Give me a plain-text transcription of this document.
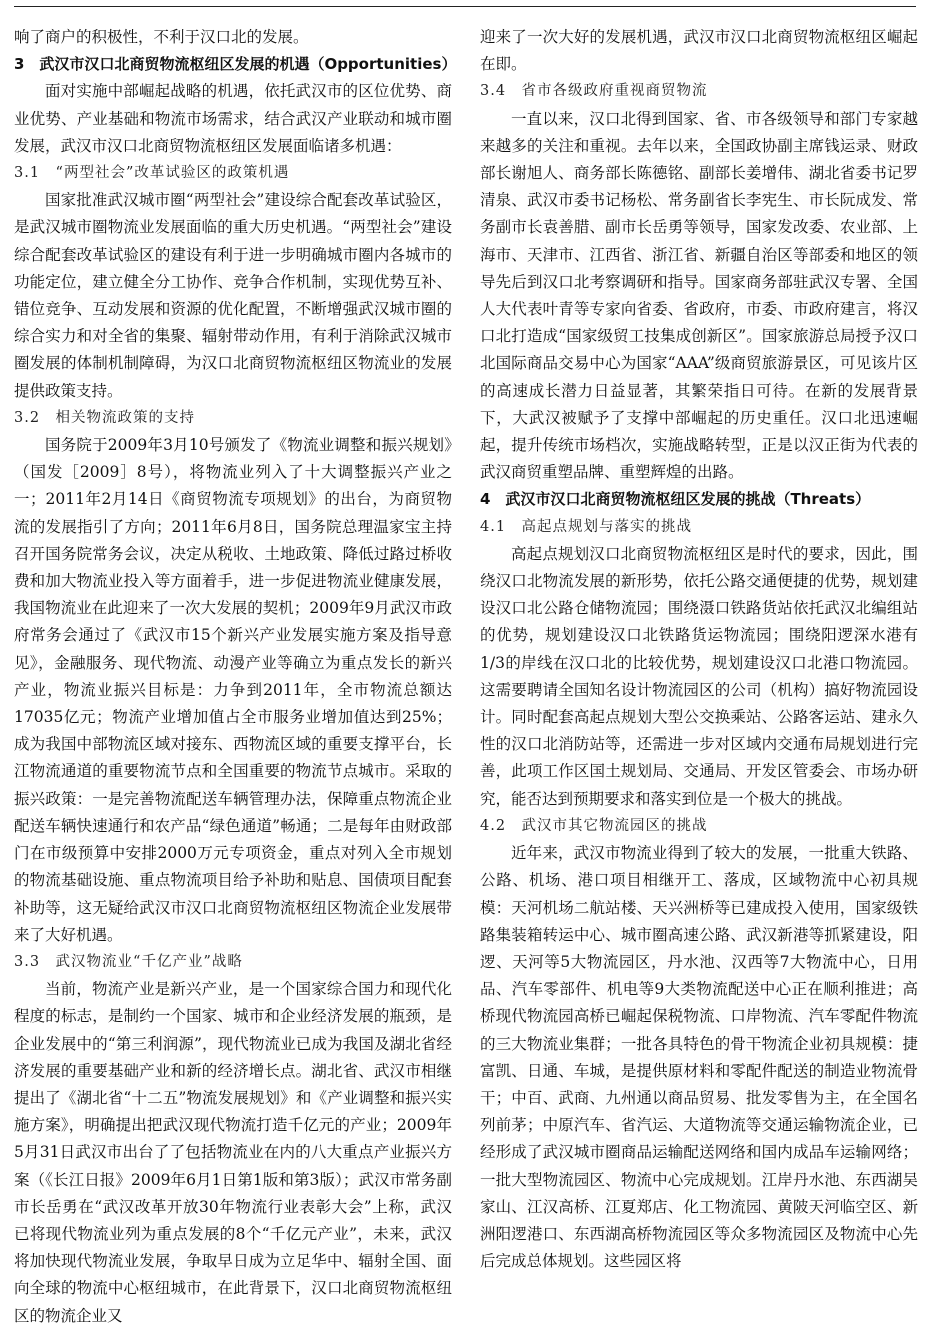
响了商户的积极性，不利于汉口北的发展。

3　武汉市汉口北商贸物流枢纽区发展的机遇（Opportunities）

面对实施中部崛起战略的机遇，依托武汉市的区位优势、商业优势、产业基础和物流市场需求，结合武汉产业联动和城市圈发展，武汉市汉口北商贸物流枢纽区发展面临诸多机遇：

3.1　“两型社会”改革试验区的政策机遇

国家批准武汉城市圈“两型社会”建设综合配套改革试验区，是武汉城市圈物流业发展面临的重大历史机遇。“两型社会”建设综合配套改革试验区的建设有利于进一步明确城市圈内各城市的功能定位，建立健全分工协作、竞争合作机制，实现优势互补、错位竞争、互动发展和资源的优化配置，不断增强武汉城市圈的综合实力和对全省的集聚、辐射带动作用，有利于消除武汉城市圈发展的体制机制障碍，为汉口北商贸物流枢纽区物流业的发展提供政策支持。

3.2　相关物流政策的支持

国务院于2009年3月10号颁发了《物流业调整和振兴规划》（国发［2009］8号），将物流业列入了十大调整振兴产业之一；2011年2月14日《商贸物流专项规划》的出台，为商贸物流的发展指引了方向；2011年6月8日，国务院总理温家宝主持召开国务院常务会议，决定从税收、土地政策、降低过路过桥收费和加大物流业投入等方面着手，进一步促进物流业健康发展，我国物流业在此迎来了一次大发展的契机；2009年9月武汉市政府常务会通过了《武汉市15个新兴产业发展实施方案及指导意见》，金融服务、现代物流、动漫产业等确立为重点发长的新兴产业，物流业振兴目标是：力争到2011年，全市物流总额达17035亿元；物流产业增加值占全市服务业增加值达到25%；成为我国中部物流区域对接东、西物流区域的重要支撑平台，长江物流通道的重要物流节点和全国重要的物流节点城市。采取的振兴政策：一是完善物流配送车辆管理办法，保障重点物流企业配送车辆快速通行和农产品“绿色通道”畅通；二是每年由财政部门在市级预算中安排2000万元专项资金，重点对列入全市规划的物流基础设施、重点物流项目给予补助和贴息、国债项目配套补助等，这无疑给武汉市汉口北商贸物流枢纽区物流企业发展带来了大好机遇。

3.3　武汉物流业“千亿产业”战略

当前，物流产业是新兴产业，是一个国家综合国力和现代化程度的标志，是制约一个国家、城市和企业经济发展的瓶颈，是企业发展中的“第三利润源”，现代物流业已成为我国及湖北省经济发展的重要基础产业和新的经济增长点。湖北省、武汉市相继提出了《湖北省“十二五”物流发展规划》和《产业调整和振兴实施方案》，明确提出把武汉现代物流打造千亿元的产业；2009年5月31日武汉市出台了了包括物流业在内的八大重点产业振兴方案（《长江日报》2009年6月1日第1版和第3版）；武汉市常务副市长岳勇在“武汉改革开放30年物流行业表彰大会”上称，武汉已将现代物流业列为重点发展的8个“千亿元产业”，未来，武汉将加快现代物流业发展，争取早日成为立足华中、辐射全国、面向全球的物流中心枢纽城市，在此背景下，汉口北商贸物流枢纽区的物流企业又

迎来了一次大好的发展机遇，武汉市汉口北商贸物流枢纽区崛起在即。

3.4　省市各级政府重视商贸物流

一直以来，汉口北得到国家、省、市各级领导和部门专家越来越多的关注和重视。去年以来，全国政协副主席钱运录、财政部长谢旭人、商务部长陈德铭、副部长姜增伟、湖北省委书记罗清泉、武汉市委书记杨松、常务副省长李宪生、市长阮成发、常务副市长袁善腊、副市长岳勇等领导，国家发改委、农业部、上海市、天津市、江西省、浙江省、新疆自治区等部委和地区的领导先后到汉口北考察调研和指导。国家商务部驻武汉专署、全国人大代表叶青等专家向省委、省政府，市委、市政府建言，将汉口北打造成“国家级贸工技集成创新区”。国家旅游总局授予汉口北国际商品交易中心为国家“AAA”级商贸旅游景区，可见该片区的高速成长潜力日益显著，其繁荣指日可待。在新的发展背景下，大武汉被赋予了支撑中部崛起的历史重任。汉口北迅速崛起，提升传统市场档次，实施战略转型，正是以汉正街为代表的武汉商贸重塑品牌、重塑辉煌的出路。

4　武汉市汉口北商贸物流枢纽区发展的挑战（Threats）
4.1　高起点规划与落实的挑战

高起点规划汉口北商贸物流枢纽区是时代的要求，因此，围绕汉口北物流发展的新形势，依托公路交通便捷的优势，规划建设汉口北公路仓储物流园；围绕滠口铁路货站依托武汉北编组站的优势，规划建设汉口北铁路货运物流园；围绕阳逻深水港有1/3的岸线在汉口北的比较优势，规划建设汉口北港口物流园。这需要聘请全国知名设计物流园区的公司（机构）搞好物流园设计。同时配套高起点规划大型公交换乘站、公路客运站、建永久性的汉口北消防站等，还需进一步对区域内交通布局规划进行完善，此项工作区国土规划局、交通局、开发区管委会、市场办研究，能否达到预期要求和落实到位是一个极大的挑战。

4.2　武汉市其它物流园区的挑战

近年来，武汉市物流业得到了较大的发展，一批重大铁路、公路、机场、港口项目相继开工、落成，区域物流中心初具规模：天河机场二航站楼、天兴洲桥等已建成投入使用，国家级铁路集装箱转运中心、城市圈高速公路、武汉新港等抓紧建设，阳逻、天河等5大物流园区，丹水池、汉西等7大物流中心，日用品、汽车零部件、机电等9大类物流配送中心正在顺利推进；高桥现代物流园高桥已崛起保税物流、口岸物流、汽车零配件物流的三大物流业集群；一批各具特色的骨干物流企业初具规模：捷富凯、日通、车城，是提供原材料和零配件配送的制造业物流骨干；中百、武商、九州通以商品贸易、批发零售为主，在全国名列前茅；中原汽车、省汽运、大道物流等交通运输物流企业，已经形成了武汉城市圈商品运输配送网络和国内成品车运输网络；一批大型物流园区、物流中心完成规划。江岸丹水池、东西湖吴家山、江汉高桥、江夏郑店、化工物流园、黄陂天河临空区、新洲阳逻港口、东西湖高桥物流园区等众多物流园区及物流中心先后完成总体规划。这些园区将
